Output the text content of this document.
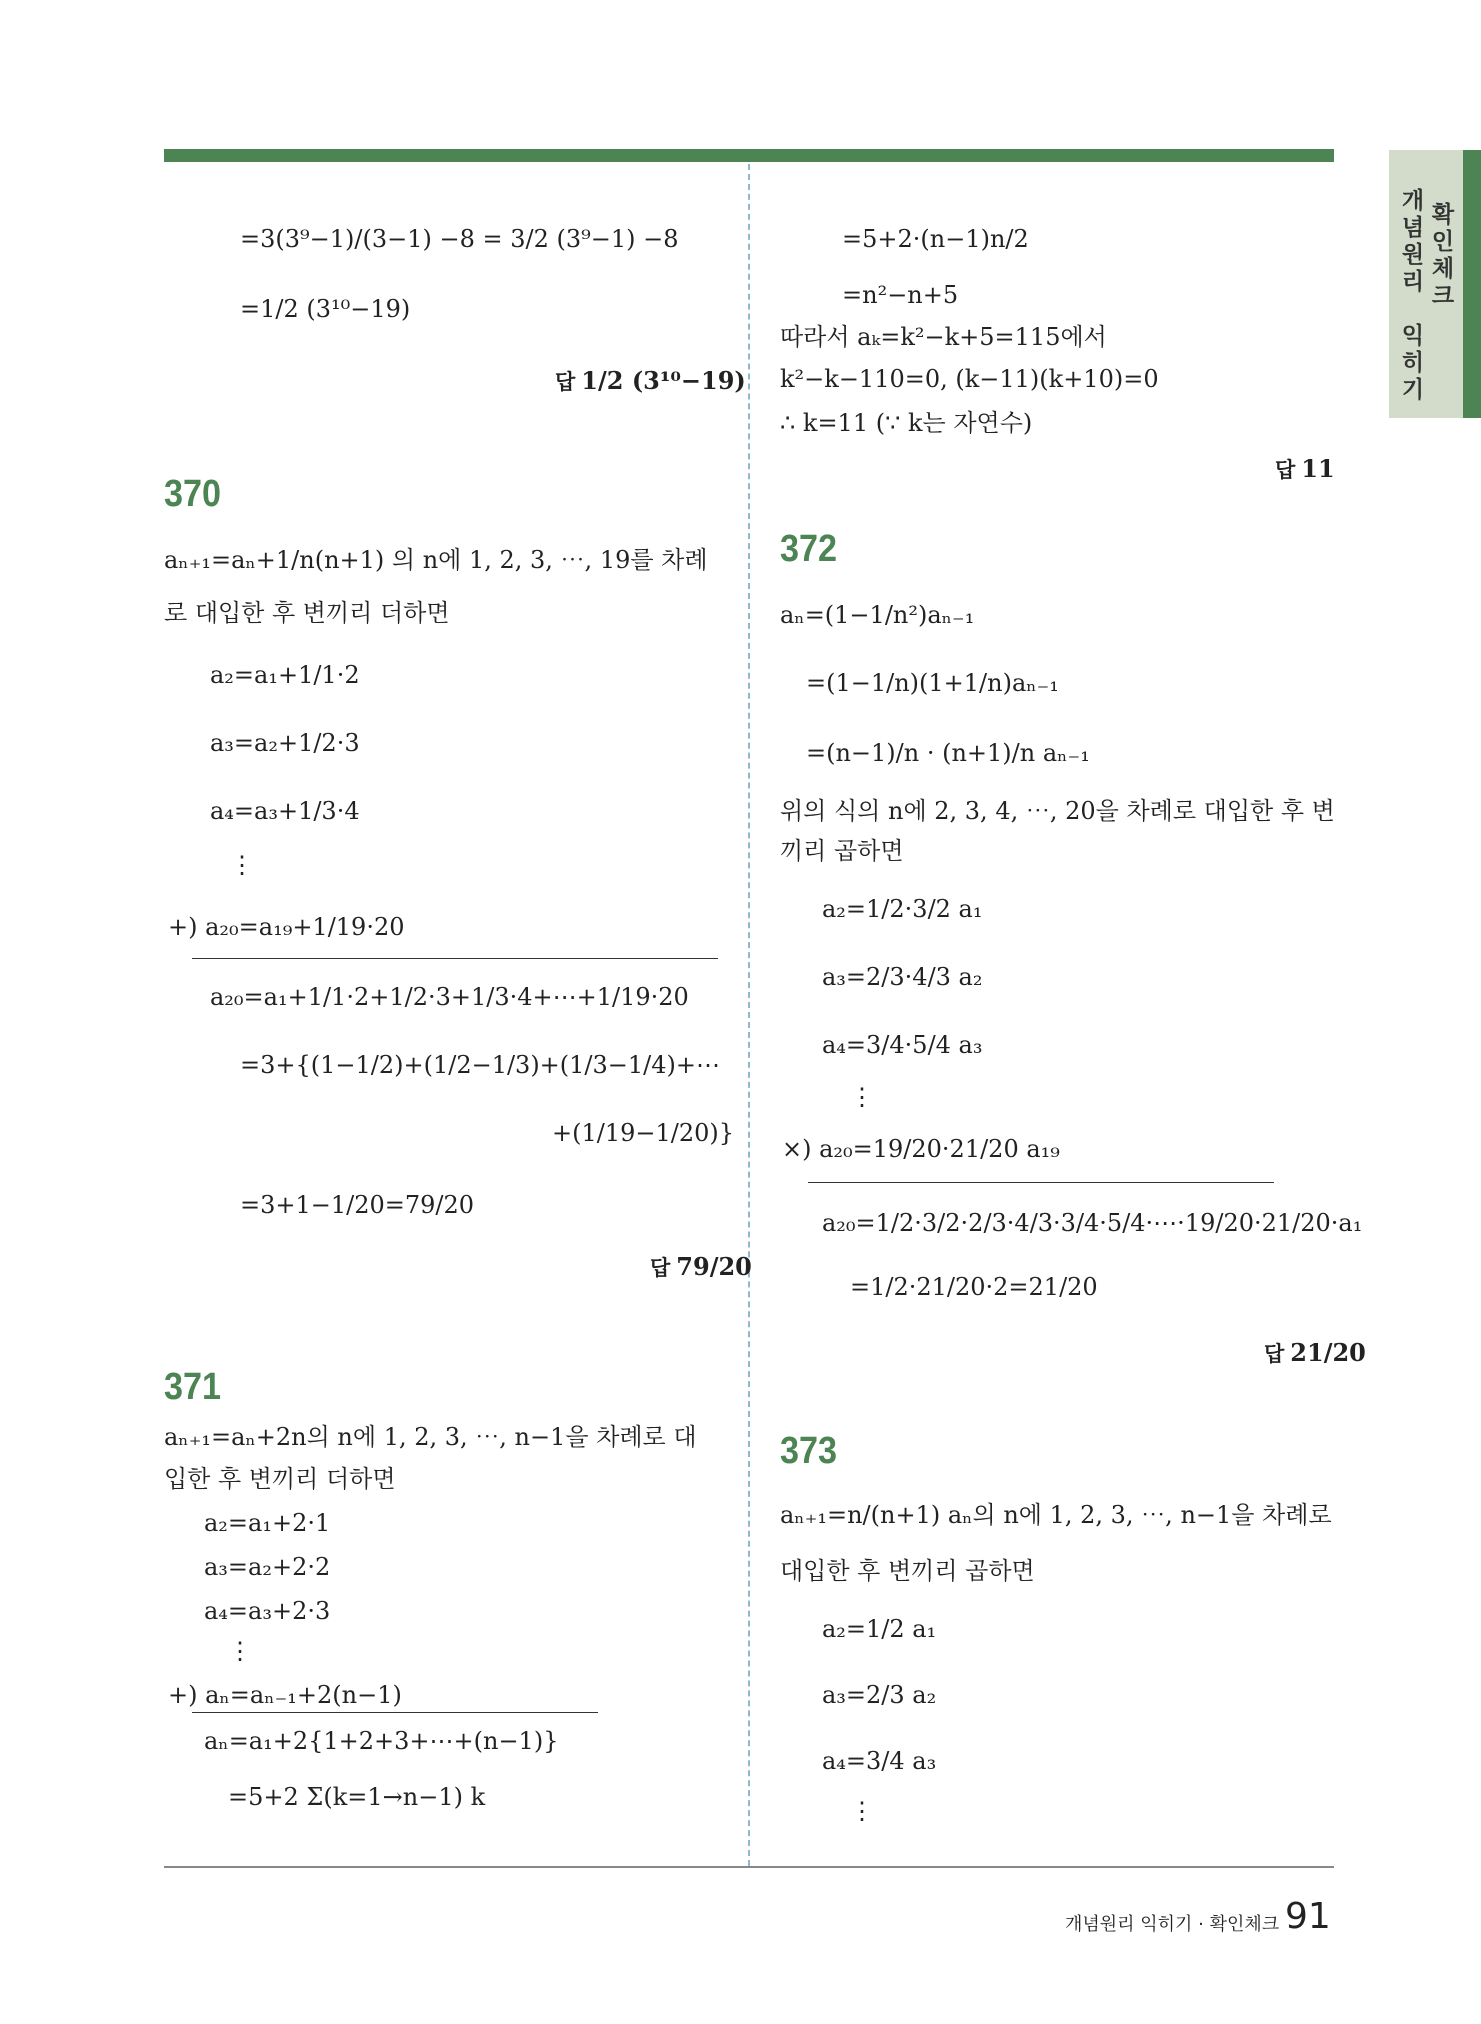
개
념
원
리

익
히
기
확
인
체
크
=3(3⁹−1)/(3−1) −8 = 3/2 (3⁹−1) −8
=1/2 (3¹⁰−19)
답 1/2 (3¹⁰−19)
370
aₙ₊₁=aₙ+1/n(n+1) 의 n에 1, 2, 3, ⋯, 19를 차례
로 대입한 후 변끼리 더하면
a₂=a₁+1/1·2
a₃=a₂+1/2·3
a₄=a₃+1/3·4
⋮
+) a₂₀=a₁₉+1/19·20
a₂₀=a₁+1/1·2+1/2·3+1/3·4+⋯+1/19·20
=3+{(1−1/2)+(1/2−1/3)+(1/3−1/4)+⋯
+(1/19−1/20)}
=3+1−1/20=79/20
답 79/20
371
aₙ₊₁=aₙ+2n의 n에 1, 2, 3, ⋯, n−1을 차례로 대
입한 후 변끼리 더하면
a₂=a₁+2·1
a₃=a₂+2·2
a₄=a₃+2·3
⋮
+) aₙ=aₙ₋₁+2(n−1)
aₙ=a₁+2{1+2+3+⋯+(n−1)}
=5+2 Σ(k=1→n−1) k
=5+2·(n−1)n/2
=n²−n+5
따라서 aₖ=k²−k+5=115에서
k²−k−110=0, (k−11)(k+10)=0
∴ k=11 (∵ k는 자연수)
답 11
372
aₙ=(1−1/n²)aₙ₋₁
=(1−1/n)(1+1/n)aₙ₋₁
=(n−1)/n · (n+1)/n aₙ₋₁
위의 식의 n에 2, 3, 4, ⋯, 20을 차례로 대입한 후 변
끼리 곱하면
a₂=1/2·3/2 a₁
a₃=2/3·4/3 a₂
a₄=3/4·5/4 a₃
⋮
×) a₂₀=19/20·21/20 a₁₉
a₂₀=1/2·3/2·2/3·4/3·3/4·5/4·⋯·19/20·21/20·a₁
=1/2·21/20·2=21/20
답 21/20
373
aₙ₊₁=n/(n+1) aₙ의 n에 1, 2, 3, ⋯, n−1을 차례로
대입한 후 변끼리 곱하면
a₂=1/2 a₁
a₃=2/3 a₂
a₄=3/4 a₃
⋮
개념원리 익히기 · 확인체크 91
